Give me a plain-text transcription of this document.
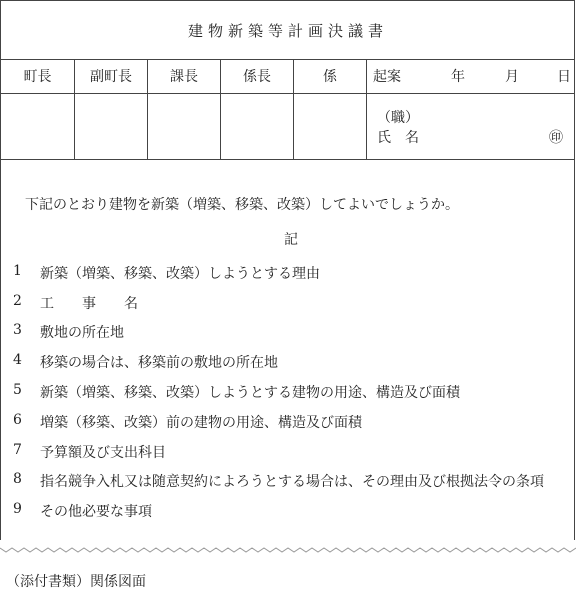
建物新築等計画決議書
町長	副町長	課長	係長	係	起案	年	月	日
（職）
氏　名	㊞
下記のとおり建物を新築（増築、移築、改築）してよいでしょうか。
記
1 新築（増築、移築、改築）しようとする理由
2 工　　事　　名
3 敷地の所在地
4 移築の場合は、移築前の敷地の所在地
5 新築（増築、移築、改築）しようとする建物の用途、構造及び面積
6 増築（移築、改築）前の建物の用途、構造及び面積
7 予算額及び支出科目
8 指名競争入札又は随意契約によろうとする場合は、その理由及び根拠法令の条項
9 その他必要な事項
（添付書類）関係図面
